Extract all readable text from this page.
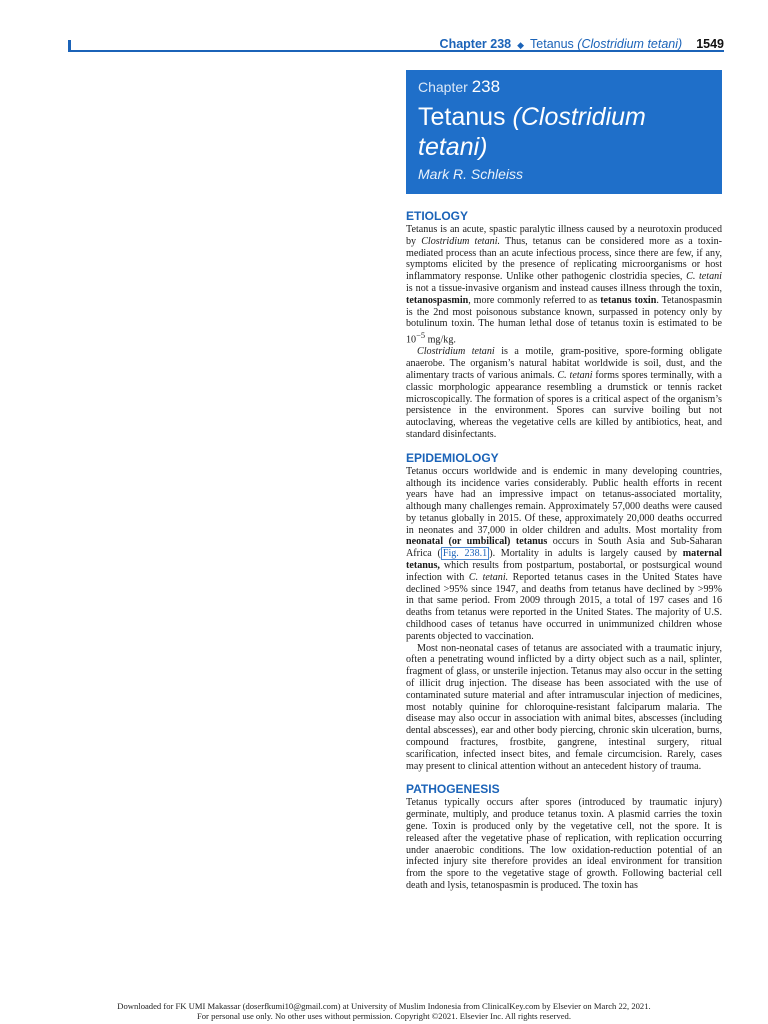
Chapter 238 ◆ Tetanus (Clostridium tetani) 1549
Chapter 238
Tetanus (Clostridium
tetani)
Mark R. Schleiss
ETIOLOGY

Tetanus is an acute, spastic paralytic illness caused by a neurotoxin produced by Clostridium tetani. Thus, tetanus can be considered more as a toxin-mediated process than an acute infectious process, since there are few, if any, symptoms elicited by the presence of replicating microorganisms or host inflammatory response. Unlike other pathogenic clostridia species, C. tetani is not a tissue-invasive organism and instead causes illness through the toxin, tetanospasmin, more commonly referred to as tetanus toxin. Tetanospasmin is the 2nd most poisonous substance known, surpassed in potency only by botulinum toxin. The human lethal dose of tetanus toxin is estimated to be $10^{-5}$ mg/kg.

Clostridium tetani is a motile, gram-positive, spore-forming obligate anaerobe. The organism’s natural habitat worldwide is soil, dust, and the alimentary tracts of various animals. C. tetani forms spores terminally, with a classic morphologic appearance resembling a drumstick or tennis racket microscopically. The formation of spores is a critical aspect of the organism’s persistence in the environment. Spores can survive boiling but not autoclaving, whereas the vegetative cells are killed by antibiotics, heat, and standard disinfectants.

EPIDEMIOLOGY

Tetanus occurs worldwide and is endemic in many developing countries, although its incidence varies considerably. Public health efforts in recent years have had an impressive impact on tetanus-associated mortality, although many challenges remain. Approximately 57,000 deaths were caused by tetanus globally in 2015. Of these, approximately 20,000 deaths occurred in neonates and 37,000 in older children and adults. Most mortality from neonatal (or umbilical) tetanus occurs in South Asia and Sub-Saharan Africa ( Fig. 238.1 ). Mortality in adults is largely caused by maternal tetanus, which results from postpartum, postabortal, or postsurgical wound infection with C. tetani. Reported tetanus cases in the United States have declined >95% since 1947, and deaths from tetanus have declined by >99% in that same period. From 2009 through 2015, a total of 197 cases and 16 deaths from tetanus were reported in the United States. The majority of U.S. childhood cases of tetanus have occurred in unimmunized children whose parents objected to vaccination.

Most non-neonatal cases of tetanus are associated with a traumatic injury, often a penetrating wound inflicted by a dirty object such as a nail, splinter, fragment of glass, or unsterile injection. Tetanus may also occur in the setting of illicit drug injection. The disease has been associated with the use of contaminated suture material and after intramuscular injection of medicines, most notably quinine for chloroquine-resistant falciparum malaria. The disease may also occur in association with animal bites, abscesses (including dental abscesses), ear and other body piercing, chronic skin ulceration, burns, compound fractures, frostbite, gangrene, intestinal surgery, ritual scarification, infected insect bites, and female circumcision. Rarely, cases may present to clinical attention without an antecedent history of trauma.

PATHOGENESIS

Tetanus typically occurs after spores (introduced by traumatic injury) germinate, multiply, and produce tetanus toxin. A plasmid carries the toxin gene. Toxin is produced only by the vegetative cell, not the spore. It is released after the vegetative phase of replication, with replication occurring under anaerobic conditions. The low oxidation-reduction potential of an infected injury site therefore provides an ideal environment for transition from the spore to the vegetative stage of growth. Following bacterial cell death and lysis, tetanospasmin is produced. The toxin has

Downloaded for FK UMI Makassar (doserfkumi10@gmail.com) at University of Muslim Indonesia from ClinicalKey.com by Elsevier on March 22, 2021.
For personal use only. No other uses without permission. Copyright ©2021. Elsevier Inc. All rights reserved.
